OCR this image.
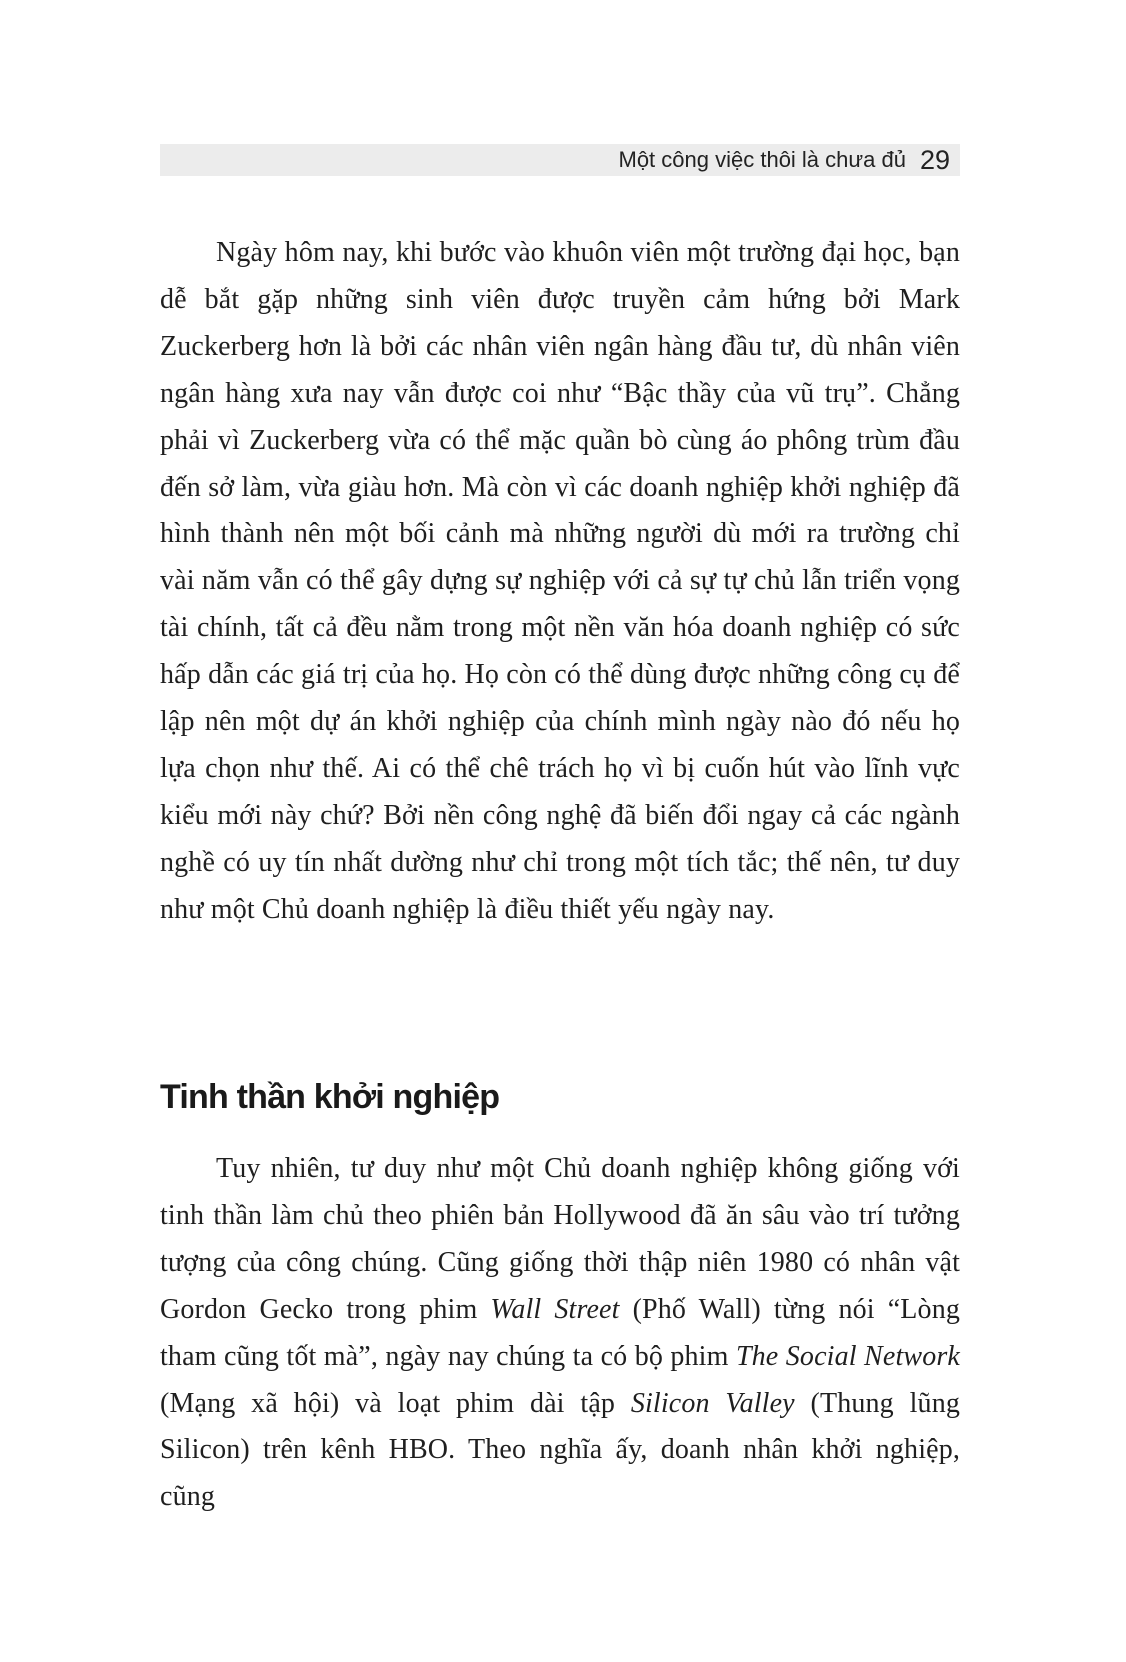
Một công việc thôi là chưa đủ 29

Ngày hôm nay, khi bước vào khuôn viên một trường đại học, bạn dễ bắt gặp những sinh viên được truyền cảm hứng bởi Mark Zuckerberg hơn là bởi các nhân viên ngân hàng đầu tư, dù nhân viên ngân hàng xưa nay vẫn được coi như “Bậc thầy của vũ trụ”. Chẳng phải vì Zuckerberg vừa có thể mặc quần bò cùng áo phông trùm đầu đến sở làm, vừa giàu hơn. Mà còn vì các doanh nghiệp khởi nghiệp đã hình thành nên một bối cảnh mà những người dù mới ra trường chỉ vài năm vẫn có thể gây dựng sự nghiệp với cả sự tự chủ lẫn triển vọng tài chính, tất cả đều nằm trong một nền văn hóa doanh nghiệp có sức hấp dẫn các giá trị của họ. Họ còn có thể dùng được những công cụ để lập nên một dự án khởi nghiệp của chính mình ngày nào đó nếu họ lựa chọn như thế. Ai có thể chê trách họ vì bị cuốn hút vào lĩnh vực kiểu mới này chứ? Bởi nền công nghệ đã biến đổi ngay cả các ngành nghề có uy tín nhất dường như chỉ trong một tích tắc; thế nên, tư duy như một Chủ doanh nghiệp là điều thiết yếu ngày nay.

Tinh thần khởi nghiệp

Tuy nhiên, tư duy như một Chủ doanh nghiệp không giống với tinh thần làm chủ theo phiên bản Hollywood đã ăn sâu vào trí tưởng tượng của công chúng. Cũng giống thời thập niên 1980 có nhân vật Gordon Gecko trong phim Wall Street (Phố Wall) từng nói “Lòng tham cũng tốt mà”, ngày nay chúng ta có bộ phim The Social Network (Mạng xã hội) và loạt phim dài tập Silicon Valley (Thung lũng Silicon) trên kênh HBO. Theo nghĩa ấy, doanh nhân khởi nghiệp, cũng
